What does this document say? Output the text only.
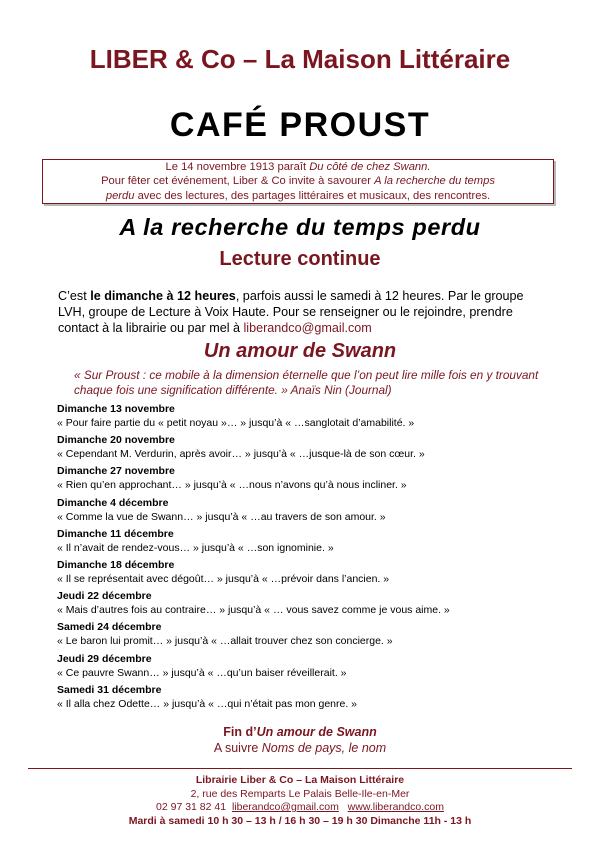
LIBER & Co – La Maison Littéraire
CAFÉ PROUST

Le 14 novembre 1913 paraît Du côté de chez Swann.

Pour fêter cet événement, Liber & Co invite à savourer A la recherche du temps

perdu avec des lectures, des partages littéraires et musicaux, des rencontres.

A la recherche du temps perdu
Lecture continue
C’est le dimanche à 12 heures, parfois aussi le samedi à 12 heures. Par le groupe LVH, groupe de Lecture à Voix Haute. Pour se renseigner ou le rejoindre, prendre contact à la librairie ou par mel à liberandco@gmail.com
Un amour de Swann
« Sur Proust : ce mobile à la dimension éternelle que l’on peut lire mille fois en y trouvant chaque fois une signification différente. » Anaïs Nin (Journal)
Dimanche 13 novembre
« Pour faire partie du « petit noyau »… » jusqu’à « …sanglotait d’amabilité. »
Dimanche 20 novembre
« Cependant M. Verdurin, après avoir… » jusqu’à « …jusque-là de son cœur. »
Dimanche 27 novembre
« Rien qu’en approchant… » jusqu’à « …nous n’avons qu’à nous incliner. »
Dimanche 4 décembre
« Comme la vue de Swann… » jusqu’à « …au travers de son amour. »
Dimanche 11 décembre
« Il n’avait de rendez-vous… » jusqu’à « …son ignominie. »
Dimanche 18 décembre
« Il se représentait avec dégoût… » jusqu’à « …prévoir dans l’ancien. »
Jeudi 22 décembre
« Mais d’autres fois au contraire… » jusqu’à « … vous savez comme je vous aime. »
Samedi 24 décembre
« Le baron lui promit… » jusqu’à « …allait trouver chez son concierge. »
Jeudi 29 décembre
« Ce pauvre Swann… » jusqu’à « …qu’un baiser réveillerait. »
Samedi 31 décembre
« Il alla chez Odette… » jusqu’à « …qui n’était pas mon genre. »
Fin d’Un amour de Swann
A suivre Noms de pays, le nom
Librairie Liber & Co – La Maison Littéraire
2, rue des Remparts Le Palais Belle-Ile-en-Mer
02 97 31 82 41 liberandco@gmail.com www.liberandco.com
Mardi à samedi 10 h 30 – 13 h / 16 h 30 – 19 h 30 Dimanche 11h - 13 h
